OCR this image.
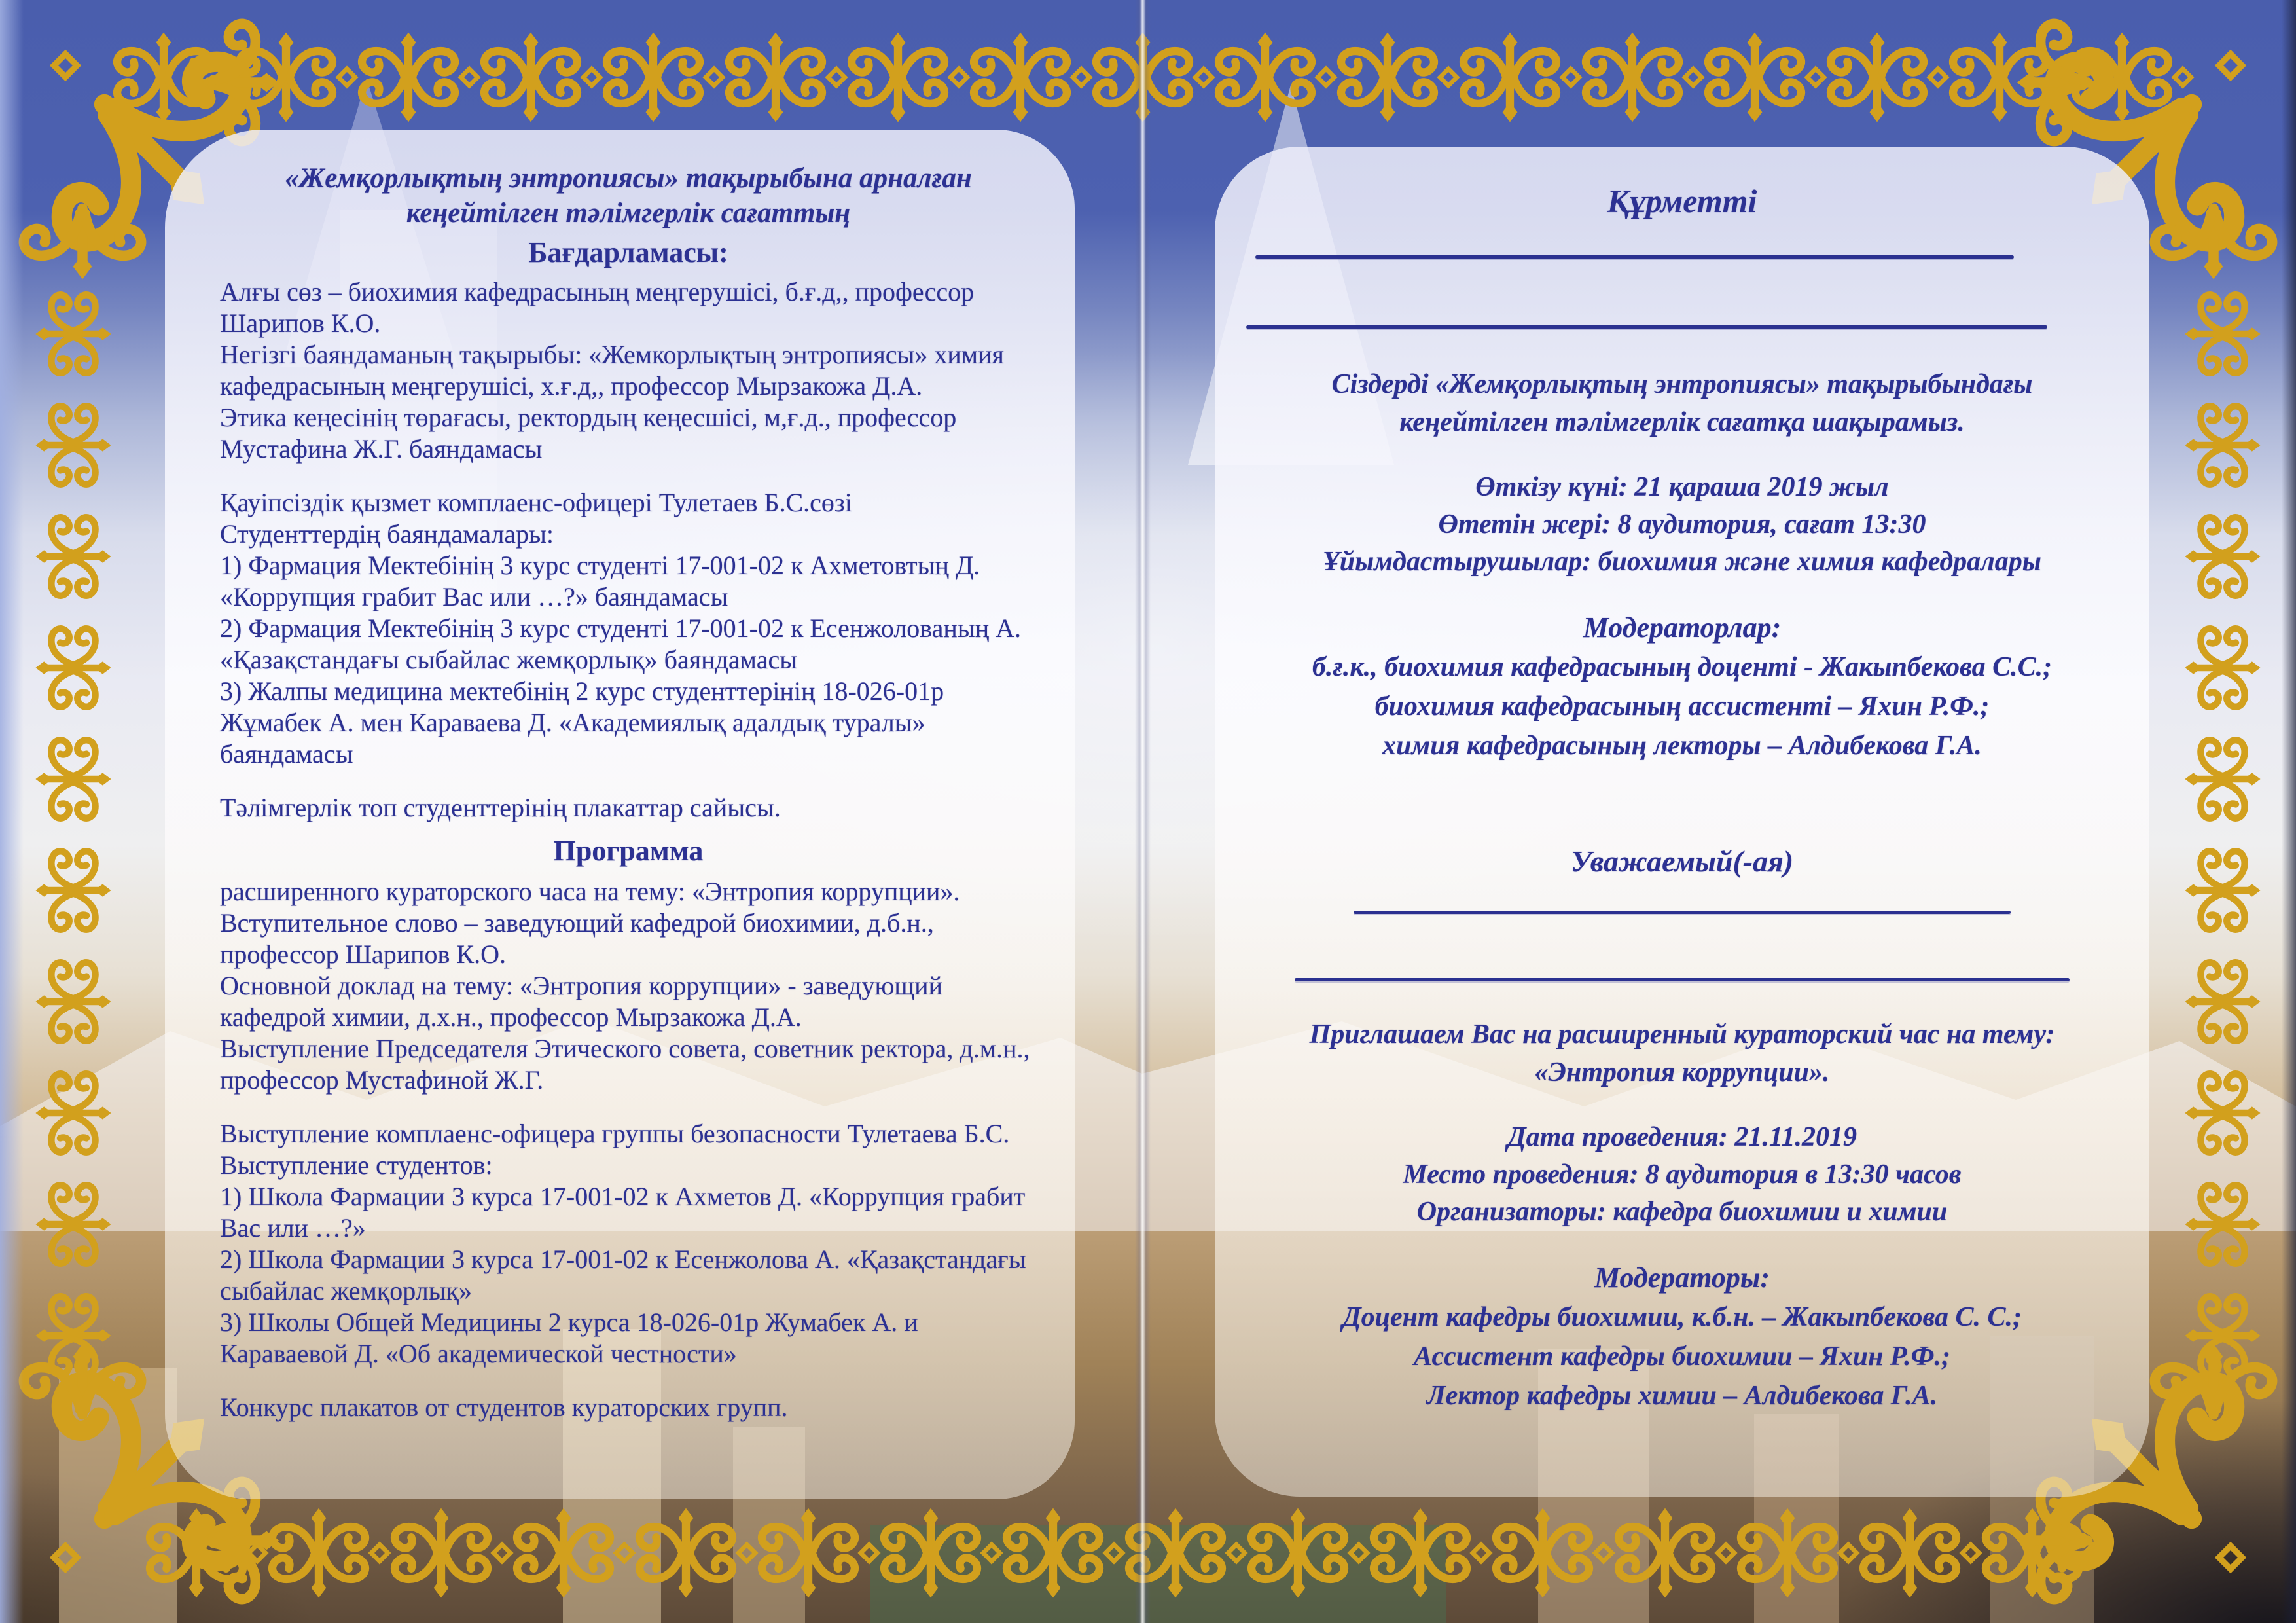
«Жемқорлықтың энтропиясы» тақырыбына арналған кеңейтілген тәлімгерлік сағаттың
Бағдарламасы:

Алғы сөз – биохимия кафедрасының меңгерушісі, б.ғ.д,, профессор Шарипов К.О.

Негізгі баяндаманың тақырыбы: «Жемкорлықтың энтропиясы» химия кафедрасының меңгерушісі, х.ғ.д,, профессор Мырзакожа Д.А.

Этика кеңесінің төрағасы, ректордың кеңесшісі, м,ғ.д., профессор Мустафина Ж.Г. баяндамасы

Қауіпсіздік қызмет комплаенс-офицері Тулетаев Б.С.сөзі

Студенттердің баяндамалары:

1) Фармация Мектебінің 3 курс студенті 17-001-02 к Ахметовтың Д. «Коррупция грабит Вас или …?» баяндамасы

2) Фармация Мектебінің 3 курс студенті 17-001-02 к Есенжолованың А. «Қазақстандағы сыбайлас жемқорлық» баяндамасы

3) Жалпы медицина мектебінің 2 курс студенттерінің 18-026-01р Жұмабек А. мен Караваева Д. «Академиялық адалдық туралы» баяндамасы

Тәлімгерлік топ студенттерінің плакаттар сайысы.

Программа

расширенного кураторского часа на тему: «Энтропия коррупции».

Вступительное слово – заведующий кафедрой биохимии, д.б.н., профессор Шарипов К.О.

Основной доклад на тему: «Энтропия коррупции» - заведующий кафедрой химии, д.х.н., профессор Мырзакожа Д.А.

Выступление Председателя Этического совета, советник ректора, д.м.н., профессор Мустафиной Ж.Г.

Выступление комплаенс-офицера группы безопасности Тулетаева Б.С.

Выступление студентов:

1) Школа Фармации 3 курса 17-001-02 к Ахметов Д. «Коррупция грабит Вас или …?»

2) Школа Фармации 3 курса 17-001-02 к Есенжолова А. «Қазақстандағы сыбайлас жемқорлық»

3) Школы Общей Медицины 2 курса 18-026-01р Жумабек А. и Караваевой Д. «Об академической честности»

Конкурс плакатов от студентов кураторских групп.

Құрметті

Сіздерді «Жемқорлықтың энтропиясы» тақырыбындағы кеңейтілген тәлімгерлік сағатқа шақырамыз.

Өткізу күні: 21 қараша 2019 жыл

Өтетін жері: 8 аудитория, сағат 13:30

Ұйымдастырушылар: биохимия және химия кафедралары

Модераторлар:

б.ғ.к., биохимия кафедрасының доценті - Жакыпбекова С.С.;

биохимия кафедрасының ассистенті – Яхин Р.Ф.;

химия кафедрасының лекторы – Алдибекова Г.А.

Уважаемый(-ая)

Приглашаем Вас на расширенный кураторский час на тему:

«Энтропия коррупции».

Дата проведения: 21.11.2019

Место проведения: 8 аудитория в 13:30 часов

Организаторы: кафедра биохимии и химии

Модераторы:

Доцент кафедры биохимии, к.б.н. – Жакыпбекова С. С.;

Ассистент кафедры биохимии – Яхин Р.Ф.;

Лектор кафедры химии – Алдибекова Г.А.
